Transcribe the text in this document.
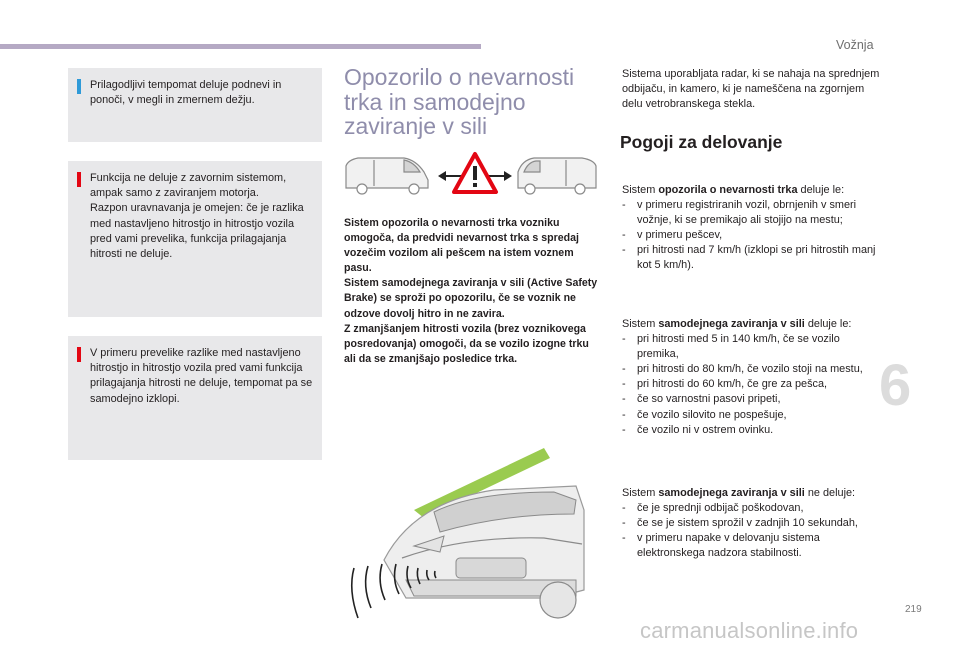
Vožnja

Prilagodljivi tempomat deluje podnevi in ponoči, v megli in zmernem dežju.

Funkcija ne deluje z zavornim sistemom, ampak samo z zaviranjem motorja.

Razpon uravnavanja je omejen: če je razlika med nastavljeno hitrostjo in hitrostjo vozila pred vami prevelika, funkcija prilagajanja hitrosti ne deluje.

V primeru prevelike razlike med nastavljeno hitrostjo in hitrostjo vozila pred vami funkcija prilagajanja hitrosti ne deluje, tempomat pa se samodejno izklopi.

Opozorilo o nevarnosti trka in samodejno zaviranje v sili
Sistem opozorila o nevarnosti trka vozniku omogoča, da predvidi nevarnost trka s spredaj vozečim vozilom ali pešcem na istem voznem pasu.
Sistem samodejnega zaviranja v sili (Active Safety Brake) se sproži po opozorilu, če se voznik ne odzove dovolj hitro in ne zavira.
Z zmanjšanjem hitrosti vozila (brez voznikovega posredovanja) omogoči, da se vozilo izogne trku ali da se zmanjšajo posledice trka.

Sistema uporabljata radar, ki se nahaja na sprednjem odbijaču, in kamero, ki je nameščena na zgornjem delu vetrobranskega stekla.

Pogoji za delovanje

Sistem opozorila o nevarnosti trka deluje le:

- v primeru registriranih vozil, obrnjenih v smeri vožnje, ki se premikajo ali stojijo na mestu;
- v primeru pešcev,
- pri hitrosti nad 7 km/h (izklopi se pri hitrostih manj kot 5 km/h).

Sistem samodejnega zaviranja v sili deluje le:

- pri hitrosti med 5 in 140 km/h, če se vozilo premika,
- pri hitrosti do 80 km/h, če vozilo stoji na mestu,
- pri hitrosti do 60 km/h, če gre za pešca,
- če so varnostni pasovi pripeti,
- če vozilo silovito ne pospešuje,
- če vozilo ni v ostrem ovinku.

Sistem samodejnega zaviranja v sili ne deluje:

- če je sprednji odbijač poškodovan,
- če se je sistem sprožil v zadnjih 10 sekundah,
- v primeru napake v delovanju sistema elektronskega nadzora stabilnosti.
6
219
carmanualsonline.info
